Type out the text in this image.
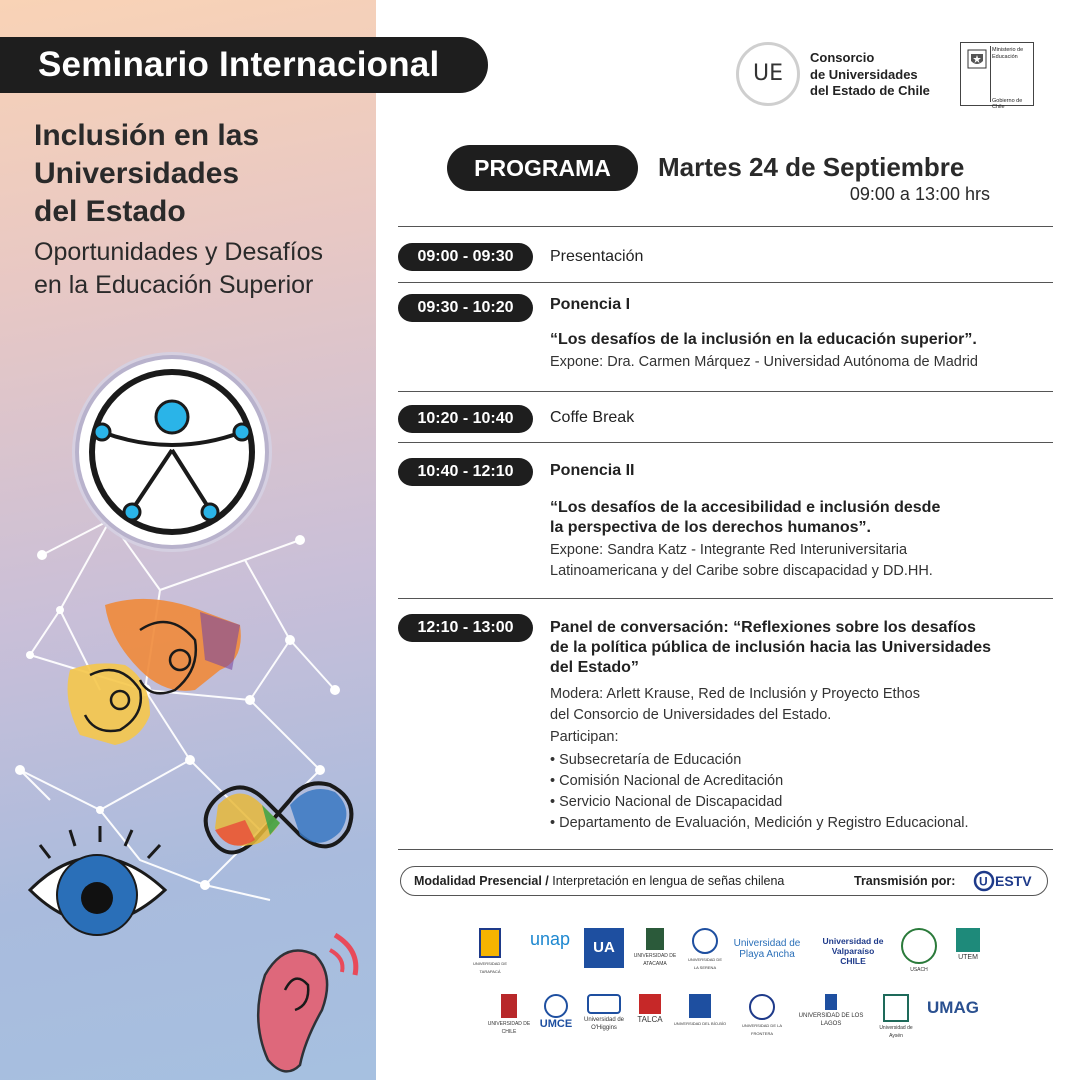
Inclusión en las
Universidades
del Estado
Oportunidades y Desafíos
en la Educación Superior
Seminario Internacional	UE
Consorcio
de Universidades
del Estado de Chile
Ministerio de
Educación
Gobierno de Chile
PROGRAMA	Martes 24 de Septiembre
09:00 a 13:00 hrs
09:00 - 09:30	Presentación
09:30 - 10:20	Ponencia I
“Los desafíos de la inclusión en la educación superior”.
Expone: Dra. Carmen Márquez - Universidad Autónoma de Madrid
10:20 - 10:40	Coffe Break
10:40 - 12:10	Ponencia II
“Los desafíos de la accesibilidad e inclusión desde
la perspectiva de los derechos humanos”.
Expone: Sandra Katz - Integrante Red Interuniversitaria
Latinoamericana y del Caribe sobre discapacidad y DD.HH.
12:10 - 13:00	Panel de conversación: “Reflexiones sobre los desafíos
de la política pública de inclusión hacia las Universidades
del Estado”
Modera: Arlett Krause, Red de Inclusión y Proyecto Ethos
del Consorcio de Universidades del Estado.
Participan:
• Subsecretaría de Educación
• Comisión Nacional de Acreditación
• Servicio Nacional de Discapacidad
• Departamento de Evaluación, Medición y Registro Educacional.
Modalidad Presencial / Interpretación en lengua de señas chilena	Transmisión por: U ESTV
UNIVERSIDAD DE TARAPACÁ
unap	UA	UNIVERSIDAD DE ATACAMA
UNIVERSIDAD DE LA SERENA
Universidad de Playa Ancha
Universidad de Valparaíso CHILE
USACH
UTEM
UNIVERSIDAD DE CHILE
UMCE	Universidad de O'Higgins
TALCA	UNIVERSIDAD DEL BÍO-BÍO	UNIVERSIDAD DE LA FRONTERA
UNIVERSIDAD DE LOS LAGOS
Universidad de Aysén
UMAG
